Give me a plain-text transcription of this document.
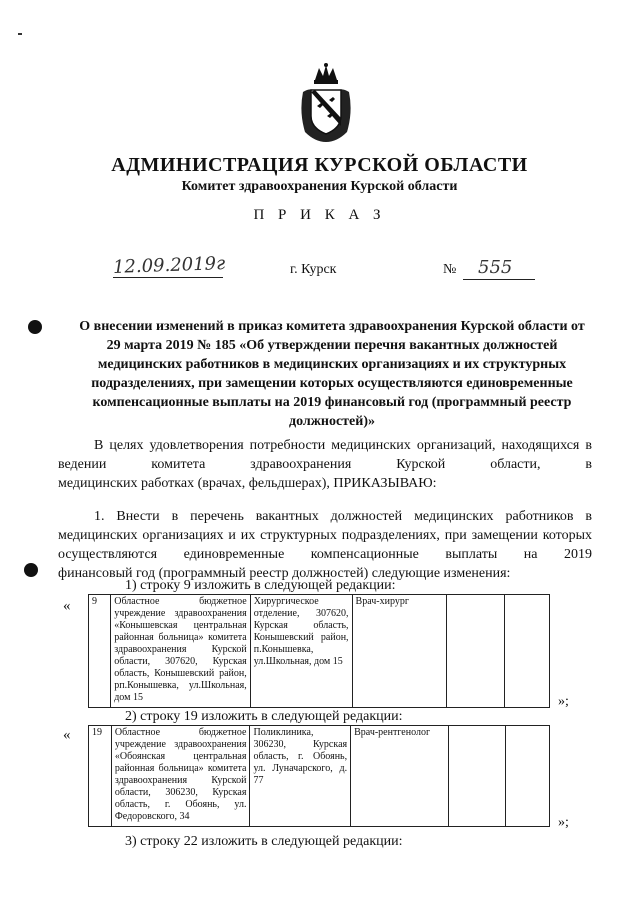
АДМИНИСТРАЦИЯ КУРСКОЙ ОБЛАСТИ
Комитет здравоохранения Курской области
П Р И К А З
12.09.2019г	г. Курск	№ 555
О внесении изменений в приказ комитета здравоохранения Курской области от 29 марта 2019 № 185 «Об утверждении перечня вакантных должностей медицинских работников в медицинских организациях и их структурных подразделениях, при замещении которых осуществляются единовременные компенсационные выплаты на 2019 финансовый год (программный реестр должностей)»
В целях удовлетворения потребности медицинских организаций, находящихся в ведении комитета здравоохранения Курской области, в
медицинских работках (врачах, фельдшерах), ПРИКАЗЫВАЮ:
1. Внести в перечень вакантных должностей медицинских работников в медицинских организациях и их структурных подразделениях, при замещении которых осуществляются единовременные компенсационные выплаты на 2019
финансовый год (программный реестр должностей) следующие изменения:
1) строку 9 изложить в следующей редакции:
« 9	Областное бюджетное учреждение здравоохранения «Конышевская центральная районная больница» комитета здравоохранения Курской области, 307620, Курская область, Конышевский район, рп.Конышевка, ул.Школьная, дом 15	Хирургическое отделение, 307620, Курская область, Конышевский район, п.Конышевка, ул.Школьная, дом 15	Врач-хирург		
»;
2) строку 19 изложить в следующей редакции:
« 19	Областное бюджетное учреждение здравоохранения «Обоянская центральная районная больница» комитета здравоохранения Курской области, 306230, Курская область, г. Обоянь, ул. Федоровского, 34	Поликлиника, 306230, Курская область, г. Обоянь, ул. Луначарского, д. 77	Врач-рентгенолог		
»;
3) строку 22 изложить в следующей редакции:
